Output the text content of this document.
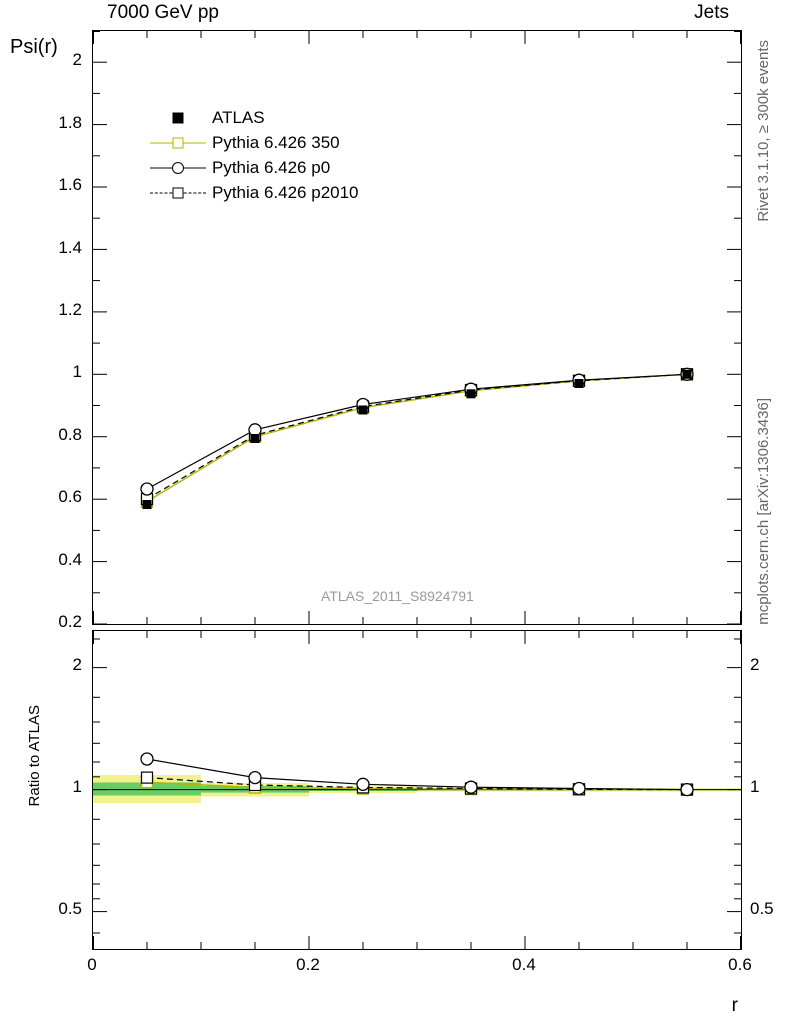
7000 GeV pp	Jets
Psi(r)	Rivet 3.1.10, ≥ 300k events
mcplots.cern.ch [arXiv:1306.3436]
0.2
0.4
0.6
0.8
1
1.2
1.4
1.6
1.8
2
ATLAS
Pythia 6.426 350
Pythia 6.426 p0
Pythia 6.426 p2010
ATLAS_2011_S8924791
2
1
0.5
2
1
0.5
Ratio to ATLAS
0	0.2	0.4	0.6
r
